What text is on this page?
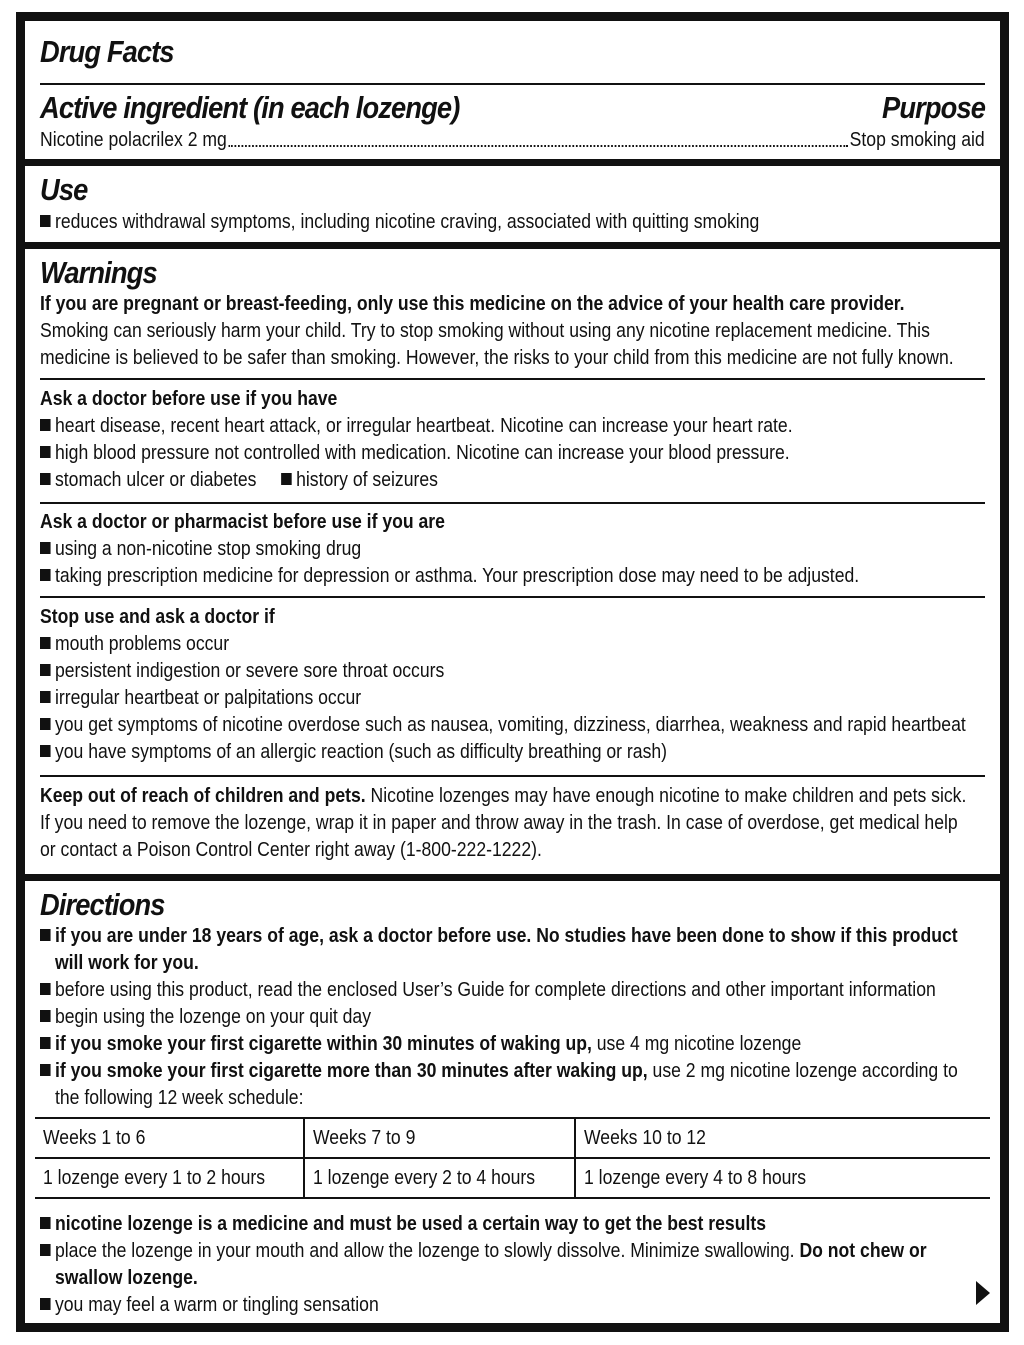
Drug Facts
Active ingredient (in each lozenge)	Purpose
Nicotine polacrilex 2 mg	Stop smoking aid
Use
reduces withdrawal symptoms, including nicotine craving, associated with quitting smoking
Warnings
If you are pregnant or breast-feeding, only use this medicine on the advice of your health care provider.
Smoking can seriously harm your child. Try to stop smoking without using any nicotine replacement medicine. This
medicine is believed to be safer than smoking. However, the risks to your child from this medicine are not fully known.
Ask a doctor before use if you have
heart disease, recent heart attack, or irregular heartbeat. Nicotine can increase your heart rate.
high blood pressure not controlled with medication. Nicotine can increase your blood pressure.
stomach ulcer or diabetes history of seizures
Ask a doctor or pharmacist before use if you are
using a non-nicotine stop smoking drug
taking prescription medicine for depression or asthma. Your prescription dose may need to be adjusted.
Stop use and ask a doctor if
mouth problems occur
persistent indigestion or severe sore throat occurs
irregular heartbeat or palpitations occur
you get symptoms of nicotine overdose such as nausea, vomiting, dizziness, diarrhea, weakness and rapid heartbeat
you have symptoms of an allergic reaction (such as difficulty breathing or rash)
Keep out of reach of children and pets. Nicotine lozenges may have enough nicotine to make children and pets sick.
If you need to remove the lozenge, wrap it in paper and throw away in the trash. In case of overdose, get medical help
or contact a Poison Control Center right away (1-800-222-1222).
Directions
if you are under 18 years of age, ask a doctor before use. No studies have been done to show if this product
will work for you.
before using this product, read the enclosed User’s Guide for complete directions and other important information
begin using the lozenge on your quit day
if you smoke your first cigarette within 30 minutes of waking up, use 4 mg nicotine lozenge
if you smoke your first cigarette more than 30 minutes after waking up, use 2 mg nicotine lozenge according to
the following 12 week schedule:
Weeks 1 to 6	Weeks 7 to 9	Weeks 10 to 12
1 lozenge every 1 to 2 hours	1 lozenge every 2 to 4 hours	1 lozenge every 4 to 8 hours
nicotine lozenge is a medicine and must be used a certain way to get the best results
place the lozenge in your mouth and allow the lozenge to slowly dissolve. Minimize swallowing. Do not chew or
swallow lozenge.
you may feel a warm or tingling sensation
